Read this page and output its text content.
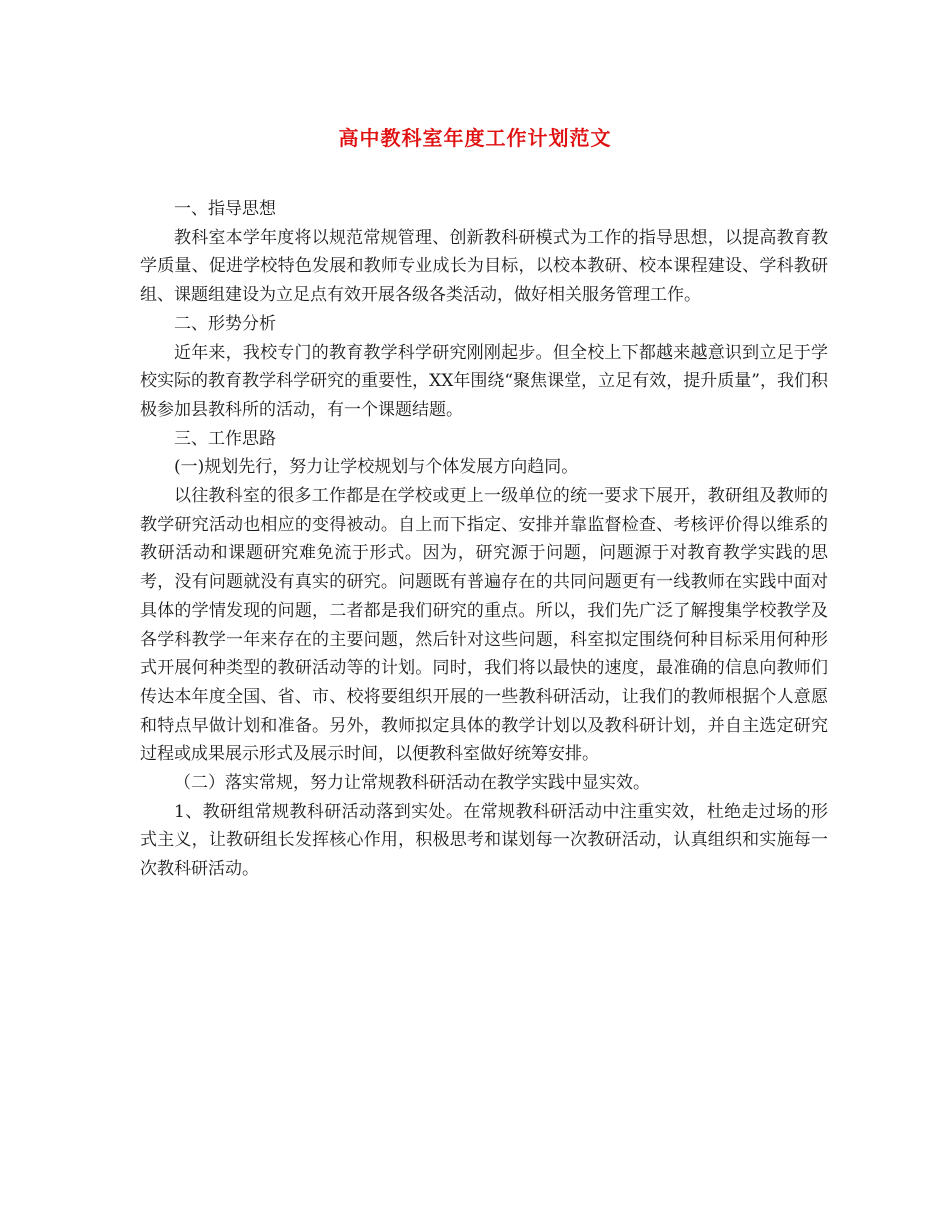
高中教科室年度工作计划范文

一、指导思想

教科室本学年度将以规范常规管理、创新教科研模式为工作的指导思想，以提高教育教学质量、促进学校特色发展和教师专业成长为目标，以校本教研、校本课程建设、学科教研组、课题组建设为立足点有效开展各级各类活动，做好相关服务管理工作。

二、形势分析

近年来，我校专门的教育教学科学研究刚刚起步。但全校上下都越来越意识到立足于学校实际的教育教学科学研究的重要性，XX年围绕“聚焦课堂，立足有效，提升质量”，我们积极参加县教科所的活动，有一个课题结题。

三、工作思路

(一)规划先行，努力让学校规划与个体发展方向趋同。

以往教科室的很多工作都是在学校或更上一级单位的统一要求下展开，教研组及教师的教学研究活动也相应的变得被动。自上而下指定、安排并靠监督检查、考核评价得以维系的教研活动和课题研究难免流于形式。因为，研究源于问题，问题源于对教育教学实践的思考，没有问题就没有真实的研究。问题既有普遍存在的共同问题更有一线教师在实践中面对具体的学情发现的问题，二者都是我们研究的重点。所以，我们先广泛了解搜集学校教学及各学科教学一年来存在的主要问题，然后针对这些问题，科室拟定围绕何种目标采用何种形式开展何种类型的教研活动等的计划。同时，我们将以最快的速度，最准确的信息向教师们传达本年度全国、省、市、校将要组织开展的一些教科研活动，让我们的教师根据个人意愿和特点早做计划和准备。另外，教师拟定具体的教学计划以及教科研计划，并自主选定研究过程或成果展示形式及展示时间，以便教科室做好统筹安排。

（二）落实常规，努力让常规教科研活动在教学实践中显实效。

1、教研组常规教科研活动落到实处。在常规教科研活动中注重实效，杜绝走过场的形式主义，让教研组长发挥核心作用，积极思考和谋划每一次教研活动，认真组织和实施每一次教科研活动。
